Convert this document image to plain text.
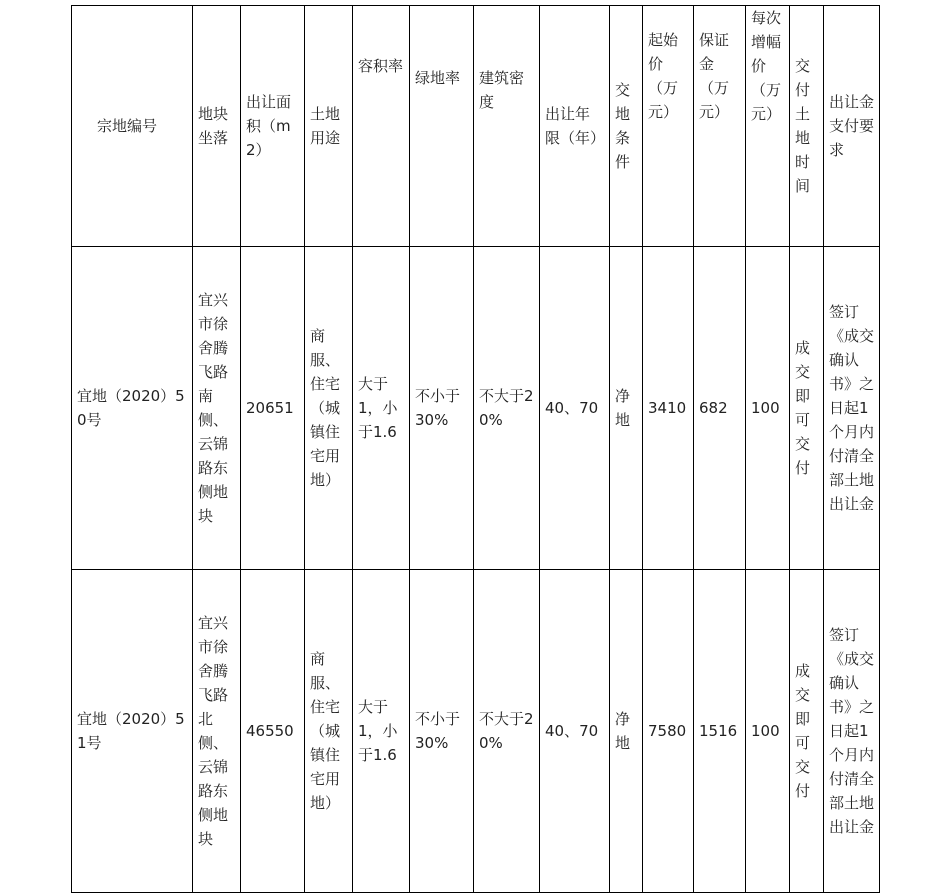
宗地编号	地块坐落	出让面积（m2）	土地用途	容积率	绿地率	建筑密度	出让年限（年）	交地条件	起始价（万元）	保证金（万元）	每次增幅价（万元）	交付土地时间	出让金支付要求

宜地（2020）50号	宜兴市徐舍腾飞路南侧、云锦路东侧地块	20651	商服、住宅（城镇住宅用地）	大于1，小于1.6	不小于30%	不大于20%	40、70	净地	3410	682	100	成交即可交付	签订《成交确认书》之日起1个月内付清全部土地出让金

宜地（2020）51号	宜兴市徐舍腾飞路北侧、云锦路东侧地块	46550	商服、住宅（城镇住宅用地）	大于1，小于1.6	不小于30%	不大于20%	40、70	净地	7580	1516	100	成交即可交付	签订《成交确认书》之日起1个月内付清全部土地出让金
